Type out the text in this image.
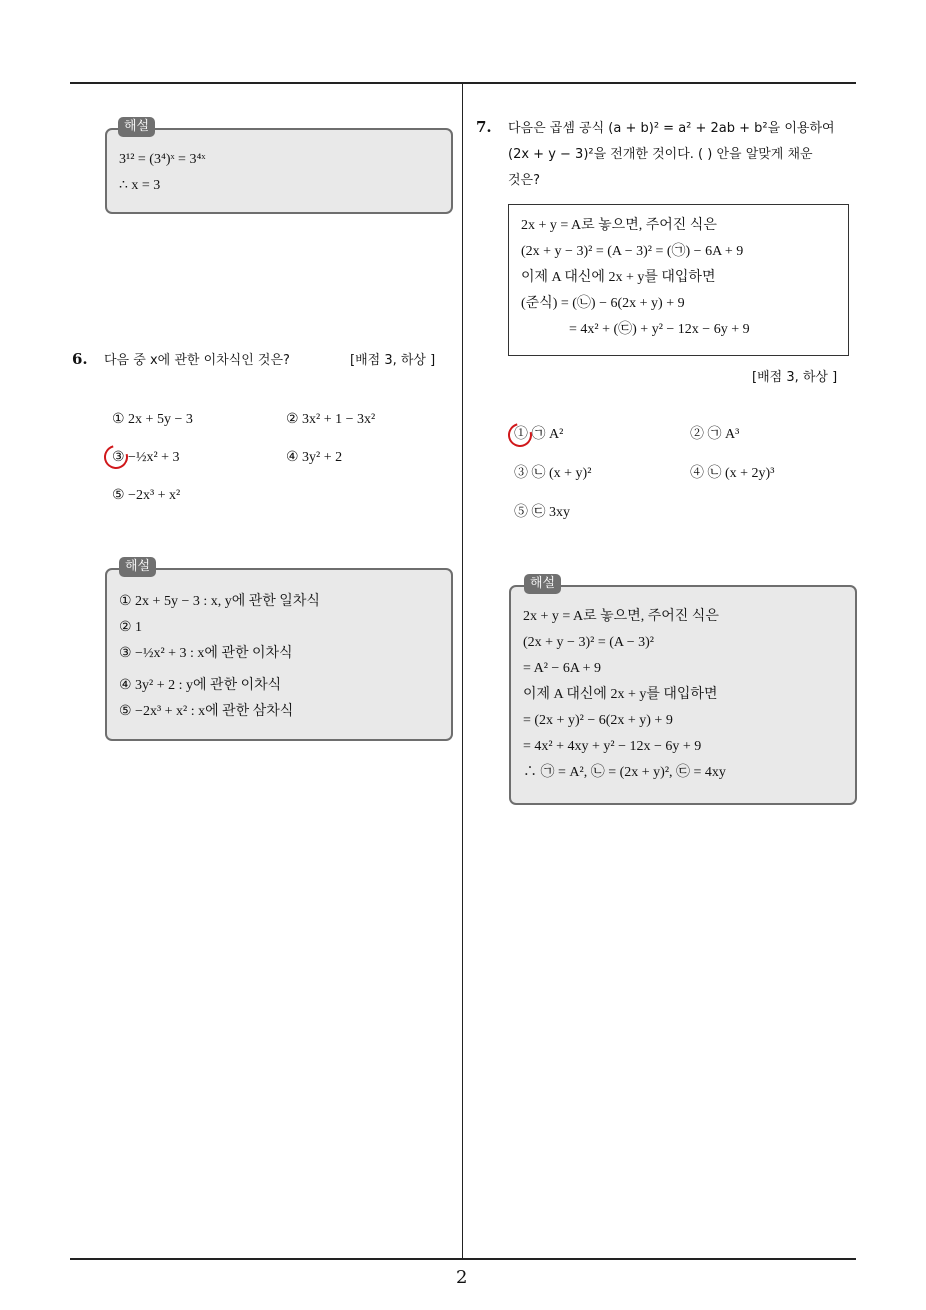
3¹² = (3⁴)ˣ = 3⁴ˣ
∴ x = 3
해설
6. 다음 중 x에 관한 이차식인 것은?	[배점 3, 하상 ]
① 2x + 5y − 3	② 3x² + 1 − 3x²
③ −½x² + 3	④ 3y² + 2
⑤ −2x³ + x²
① 2x + 5y − 3 : x, y에 관한 일차식
② 1
③ −½x² + 3 : x에 관한 이차식
④ 3y² + 2 : y에 관한 이차식
⑤ −2x³ + x² : x에 관한 삼차식
해설
7. 다음은 곱셈 공식 (a + b)² = a² + 2ab + b²을 이용하여
(2x + y − 3)²을 전개한 것이다. ( ) 안을 알맞게 채운
것은?
2x + y = A로 놓으면, 주어진 식은
(2x + y − 3)² = (A − 3)² = (㉠) − 6A + 9
이제 A 대신에 2x + y를 대입하면
(준식) = (㉡) − 6(2x + y) + 9
= 4x² + (㉢) + y² − 12x − 6y + 9
[배점 3, 하상 ]
① ㉠ A²	② ㉠ A³
③ ㉡ (x + y)²	④ ㉡ (x + 2y)³
⑤ ㉢ 3xy
2x + y = A로 놓으면, 주어진 식은
(2x + y − 3)² = (A − 3)²
= A² − 6A + 9
이제 A 대신에 2x + y를 대입하면
= (2x + y)² − 6(2x + y) + 9
= 4x² + 4xy + y² − 12x − 6y + 9
∴ ㉠ = A², ㉡ = (2x + y)², ㉢ = 4xy
해설
2
